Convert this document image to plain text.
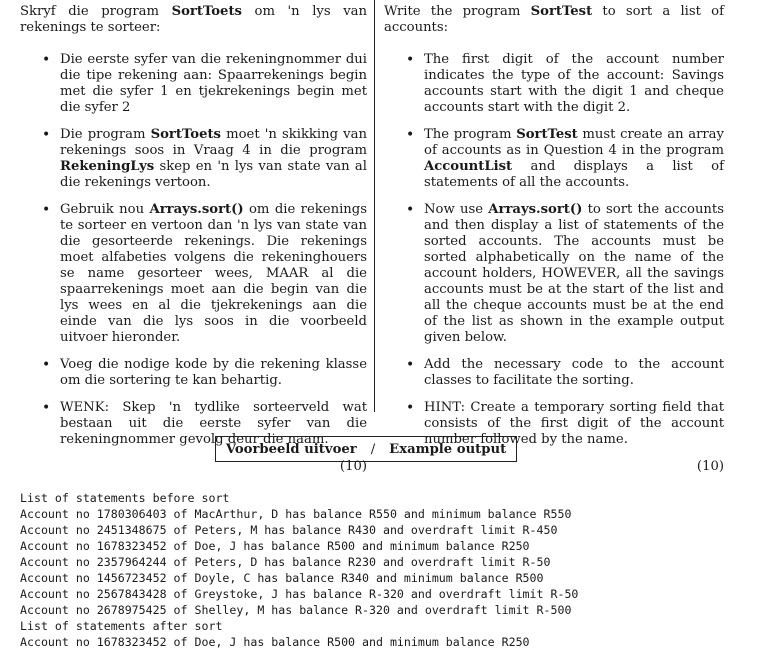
Skryf die program SortToets om 'n lys van rekenings te sorteer:

• Die eerste syfer van die rekeningnommer dui die tipe rekening aan: Spaarrekenings begin met die syfer 1 en tjekrekenings begin met die syfer 2
• Die program SortToets moet 'n skikking van rekenings soos in Vraag 4 in die program RekeningLys skep en 'n lys van state van al die rekenings vertoon.
• Gebruik nou Arrays.sort() om die rekenings te sorteer en vertoon dan 'n lys van state van die gesorteerde rekenings. Die rekenings moet alfabeties volgens die rekeninghouers se name gesorteer wees, MAAR al die spaarrekenings moet aan die begin van die lys wees en al die tjekrekenings aan die einde van die lys soos in die voorbeeld uitvoer hieronder.
• Voeg die nodige kode by die rekening klasse om die sortering te kan behartig.
• WENK: Skep 'n tydlike sorteerveld wat bestaan uit die eerste syfer van die rekeningnommer gevolg deur die naam.
(10)

Write the program SortTest to sort a list of accounts:

• The first digit of the account number indicates the type of the account: Savings accounts start with the digit 1 and cheque accounts start with the digit 2.
• The program SortTest must create an array of accounts as in Question 4 in the program AccountList and displays a list of statements of all the accounts.
• Now use Arrays.sort() to sort the accounts and then display a list of statements of the sorted accounts. The accounts must be sorted alphabetically on the name of the account holders, HOWEVER, all the savings accounts must be at the start of the list and all the cheque accounts must be at the end of the list as shown in the example output given below.
• Add the necessary code to the account classes to facilitate the sorting.
• HINT: Create a temporary sorting field that consists of the first digit of the account number followed by the name.
(10)
Voorbeeld uitvoer / Example output

List of statements before sort
Account no 1780306403 of MacArthur, D has balance R550 and minimum balance R550
Account no 2451348675 of Peters, M has balance R430 and overdraft limit R-450
Account no 1678323452 of Doe, J has balance R500 and minimum balance R250
Account no 2357964244 of Peters, D has balance R230 and overdraft limit R-50
Account no 1456723452 of Doyle, C has balance R340 and minimum balance R500
Account no 2567843428 of Greystoke, J has balance R-320 and overdraft limit R-50
Account no 2678975425 of Shelley, M has balance R-320 and overdraft limit R-500
List of statements after sort
Account no 1678323452 of Doe, J has balance R500 and minimum balance R250
